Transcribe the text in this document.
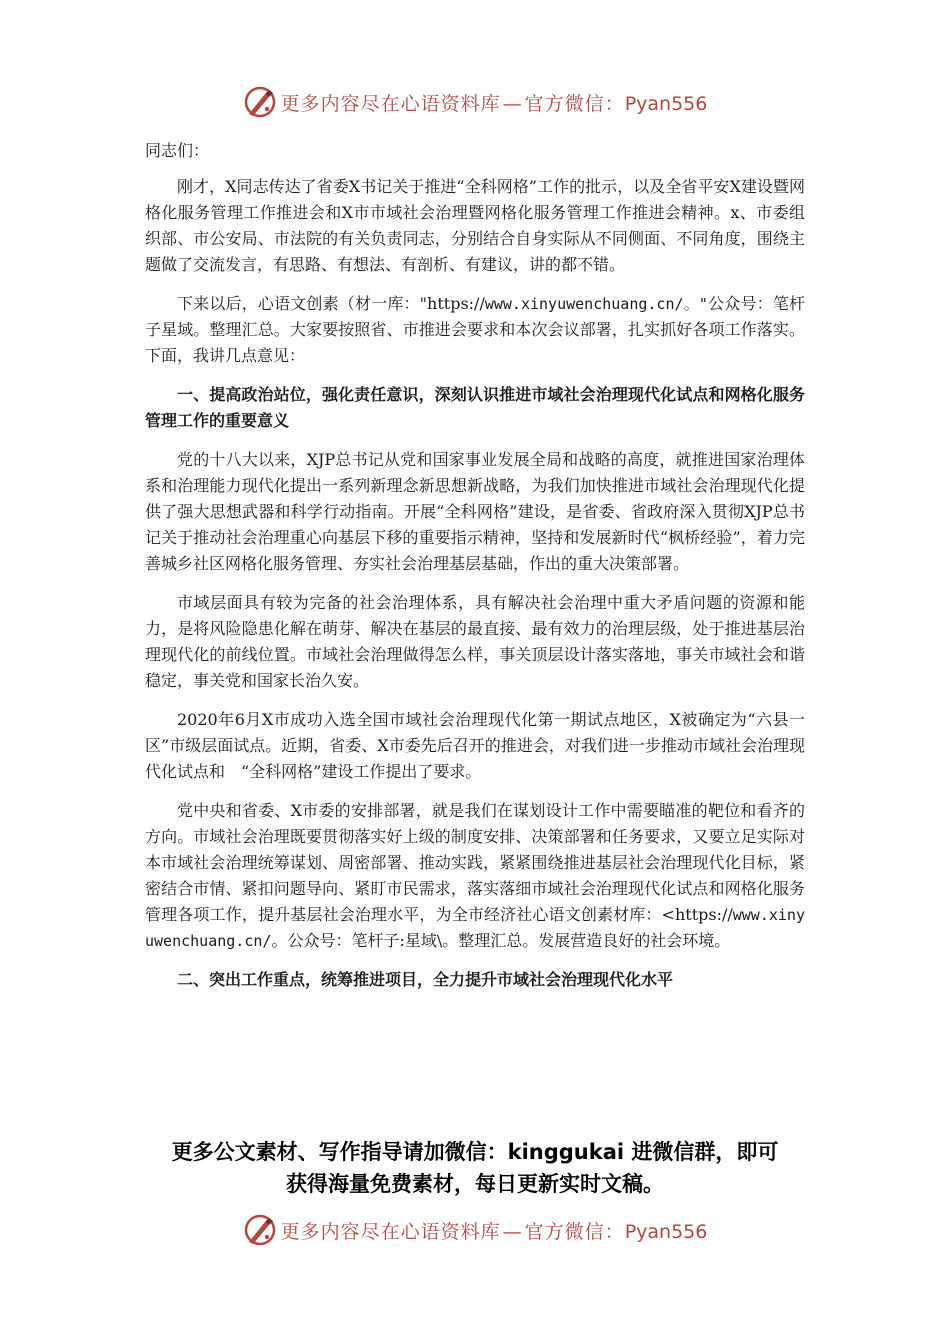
更多内容尽在心语资料库 — 官方微信：Pyan556

同志们：

刚才，X同志传达了省委X书记关于推进“全科网格”工作的批示，以及全省平安X建设暨网格化服务管理工作推进会和X市市域社会治理暨网格化服务管理工作推进会精神。x、市委组织部、市公安局、市法院的有关负责同志，分别结合自身实际从不同侧面、不同角度，围绕主题做了交流发言，有思路、有想法、有剖析、有建议，讲的都不错。

下来以后，心语文创素（材一库："https://www.xinyuwenchuang.cn/。"公众号：笔杆子星域。整理汇总。大家要按照省、市推进会要求和本次会议部署，扎实抓好各项工作落实。下面，我讲几点意见：

一、提高政治站位，强化责任意识，深刻认识推进市域社会治理现代化试点和网格化服务管理工作的重要意义

党的十八大以来，XJP总书记从党和国家事业发展全局和战略的高度，就推进国家治理体系和治理能力现代化提出一系列新理念新思想新战略，为我们加快推进市域社会治理现代化提供了强大思想武器和科学行动指南。开展“全科网格”建设，是省委、省政府深入贯彻XJP总书记关于推动社会治理重心向基层下移的重要指示精神，坚持和发展新时代“枫桥经验”，着力完善城乡社区网格化服务管理、夯实社会治理基层基础，作出的重大决策部署。

市域层面具有较为完备的社会治理体系，具有解决社会治理中重大矛盾问题的资源和能力，是将风险隐患化解在萌芽、解决在基层的最直接、最有效力的治理层级，处于推进基层治理现代化的前线位置。市域社会治理做得怎么样，事关顶层设计落实落地，事关市域社会和谐稳定，事关党和国家长治久安。

2020年6月X市成功入选全国市域社会治理现代化第一期试点地区，X被确定为“六县一区”市级层面试点。近期，省委、X市委先后召开的推进会，对我们进一步推动市域社会治理现代化试点和　“全科网格”建设工作提出了要求。

党中央和省委、X市委的安排部署，就是我们在谋划设计工作中需要瞄准的靶位和看齐的方向。市域社会治理既要贯彻落实好上级的制度安排、决策部署和任务要求，又要立足实际对本市域社会治理统筹谋划、周密部署、推动实践，紧紧围绕推进基层社会治理现代化目标，紧密结合市情、紧扣问题导向、紧盯市民需求，落实落细市域社会治理现代化试点和网格化服务管理各项工作，提升基层社会治理水平，为全市经济社心语文创素材库：<https://www.xinyuwenchuang.cn/。公众号：笔杆子:星域\。整理汇总。发展营造良好的社会环境。

二、突出工作重点，统筹推进项目，全力提升市域社会治理现代化水平

更多公文素材、写作指导请加微信：kinggukai 进微信群，即可
获得海量免费素材，每日更新实时文稿。
更多内容尽在心语资料库 — 官方微信：Pyan556
